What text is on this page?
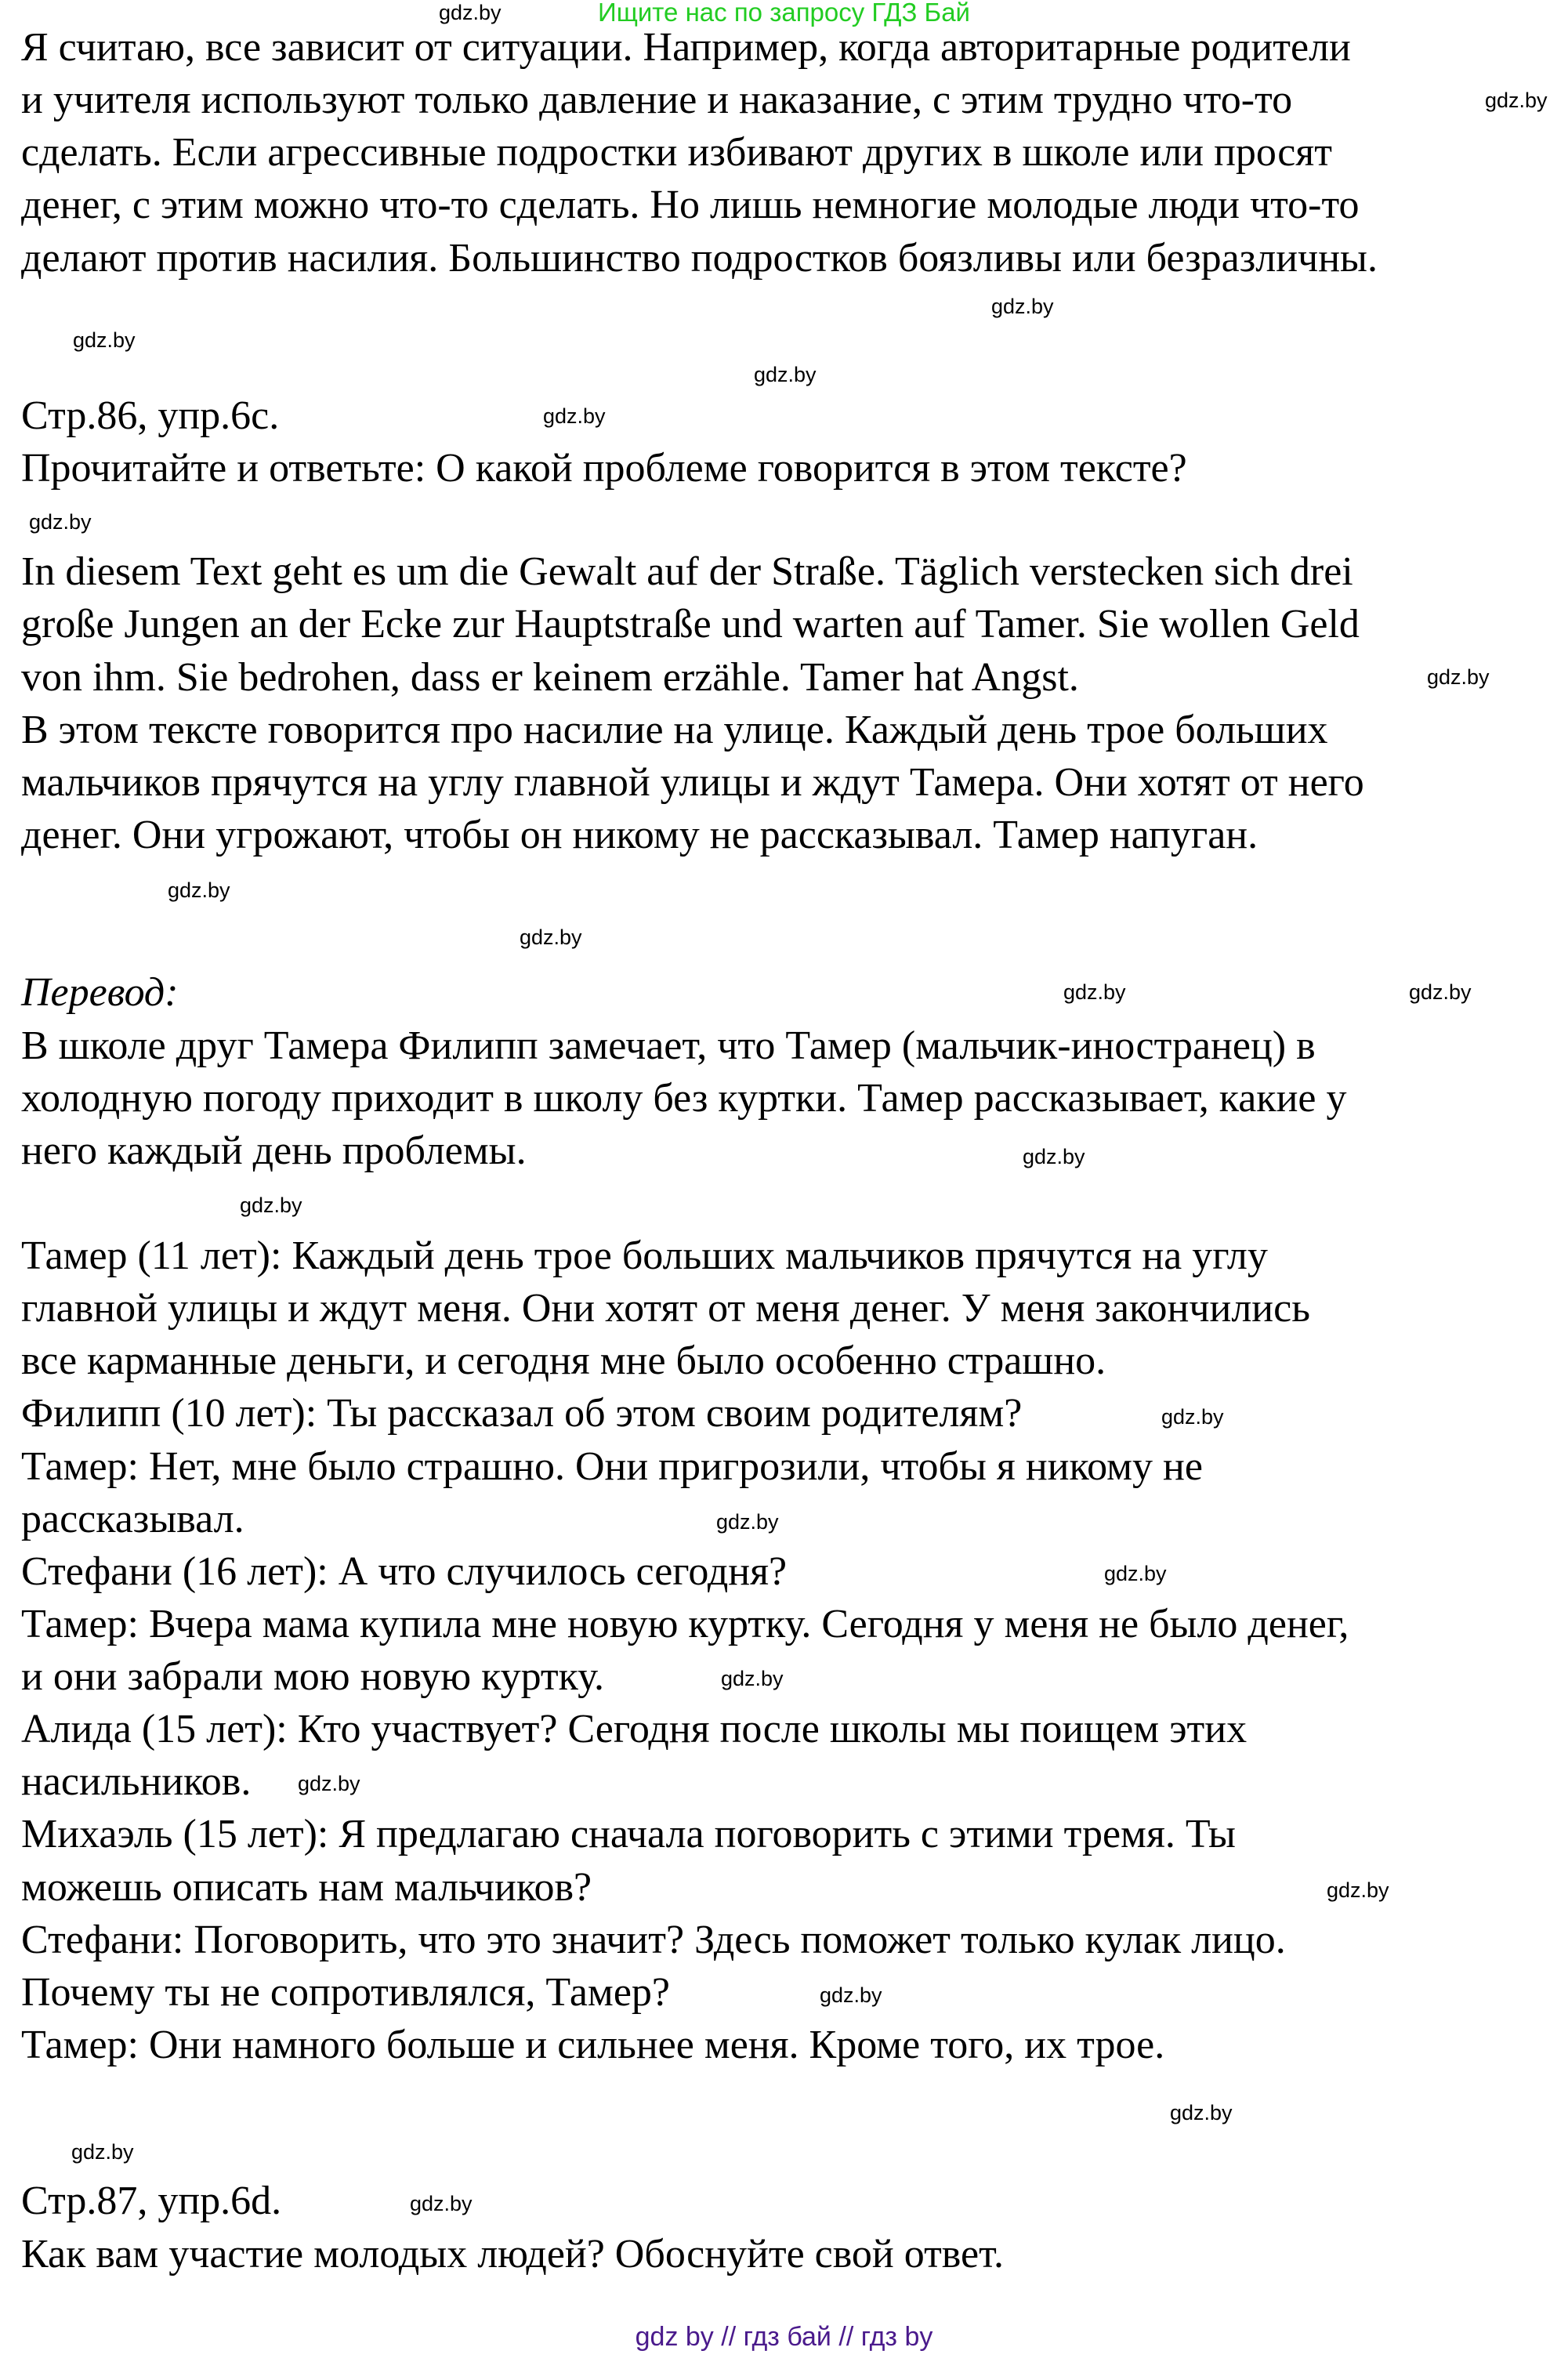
Ищите нас по запросу ГДЗ Бай
Я считаю, все зависит от ситуации. Например, когда авторитарные родители
и учителя используют только давление и наказание, с этим трудно что-то
сделать. Если агрессивные подростки избивают других в школе или просят
денег, с этим можно что-то сделать. Но лишь немногие молодые люди что-то
делают против насилия. Большинство подростков боязливы или безразличны.
Стр.86, упр.6c.
Прочитайте и ответьте: О какой проблеме говорится в этом тексте?
In diesem Text geht es um die Gewalt auf der Straße. Täglich verstecken sich drei
große Jungen an der Ecke zur Hauptstraße und warten auf Tamer. Sie wollen Geld
von ihm. Sie bedrohen, dass er keinem erzähle. Tamer hat Angst.
В этом тексте говорится про насилие на улице. Каждый день трое больших
мальчиков прячутся на углу главной улицы и ждут Тамера. Они хотят от него
денег. Они угрожают, чтобы он никому не рассказывал. Тамер напуган.
Перевод:
В школе друг Тамера Филипп замечает, что Тамер (мальчик-иностранец) в
холодную погоду приходит в школу без куртки. Тамер рассказывает, какие у
него каждый день проблемы.
Тамер (11 лет): Каждый день трое больших мальчиков прячутся на углу
главной улицы и ждут меня. Они хотят от меня денег. У меня закончились
все карманные деньги, и сегодня мне было особенно страшно.
Филипп (10 лет): Ты рассказал об этом своим родителям?
Тамер: Нет, мне было страшно. Они пригрозили, чтобы я никому не
рассказывал.
Стефани (16 лет): А что случилось сегодня?
Тамер: Вчера мама купила мне новую куртку. Сегодня у меня не было денег,
и они забрали мою новую куртку.
Алида (15 лет): Кто участвует? Сегодня после школы мы поищем этих
насильников.
Михаэль (15 лет): Я предлагаю сначала поговорить с этими тремя. Ты
можешь описать нам мальчиков?
Стефани: Поговорить, что это значит? Здесь поможет только кулак лицо.
Почему ты не сопротивлялся, Тамер?
Тамер: Они намного больше и сильнее меня. Кроме того, их трое.
Стр.87, упр.6d.
Как вам участие молодых людей? Обоснуйте свой ответ.
gdz.by
gdz.by
gdz.by
gdz.by
gdz.by
gdz.by
gdz.by
gdz.by
gdz.by
gdz.by
gdz.by
gdz.by
gdz.by
gdz.by
gdz.by
gdz.by
gdz.by
gdz.by
gdz.by
gdz.by
gdz.by
gdz.by
gdz.by
gdz.by
gdz by // гдз бай // гдз by
